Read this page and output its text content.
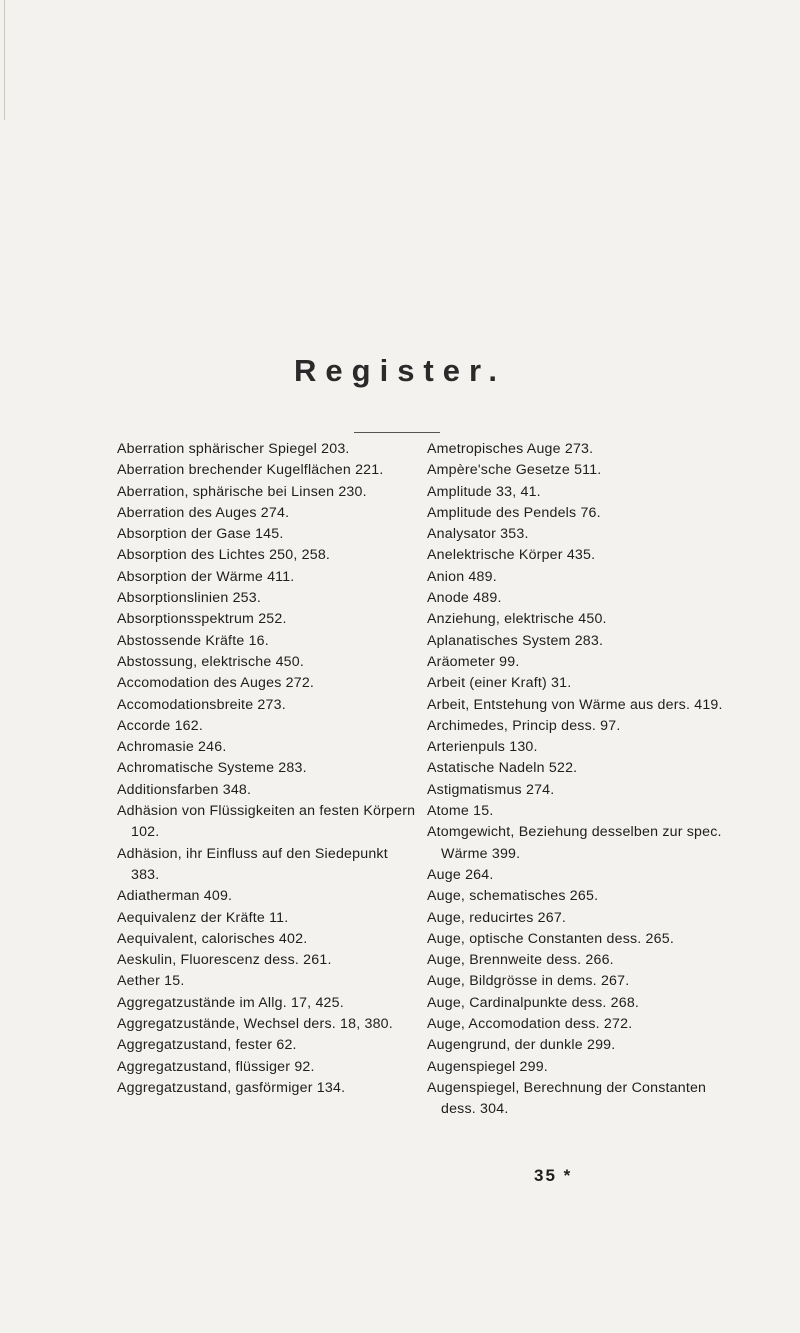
Register.

Aberration sphärischer Spiegel 203.

Aberration brechender Kugelflächen 221.

Aberration, sphärische bei Linsen 230.

Aberration des Auges 274.

Absorption der Gase 145.

Absorption des Lichtes 250, 258.

Absorption der Wärme 411.

Absorptionslinien 253.

Absorptionsspektrum 252.

Abstossende Kräfte 16.

Abstossung, elektrische 450.

Accomodation des Auges 272.

Accomodationsbreite 273.

Accorde 162.

Achromasie 246.

Achromatische Systeme 283.

Additionsfarben 348.

Adhäsion von Flüssigkeiten an festen Körpern 102.

Adhäsion, ihr Einfluss auf den Siedepunkt 383.

Adiatherman 409.

Aequivalenz der Kräfte 11.

Aequivalent, calorisches 402.

Aeskulin, Fluorescenz dess. 261.

Aether 15.

Aggregatzustände im Allg. 17, 425.

Aggregatzustände, Wechsel ders. 18, 380.

Aggregatzustand, fester 62.

Aggregatzustand, flüssiger 92.

Aggregatzustand, gasförmiger 134.

Ametropisches Auge 273.

Ampère'sche Gesetze 511.

Amplitude 33, 41.

Amplitude des Pendels 76.

Analysator 353.

Anelektrische Körper 435.

Anion 489.

Anode 489.

Anziehung, elektrische 450.

Aplanatisches System 283.

Aräometer 99.

Arbeit (einer Kraft) 31.

Arbeit, Entstehung von Wärme aus ders. 419.

Archimedes, Princip dess. 97.

Arterienpuls 130.

Astatische Nadeln 522.

Astigmatismus 274.

Atome 15.

Atomgewicht, Beziehung desselben zur spec. Wärme 399.

Auge 264.

Auge, schematisches 265.

Auge, reducirtes 267.

Auge, optische Constanten dess. 265.

Auge, Brennweite dess. 266.

Auge, Bildgrösse in dems. 267.

Auge, Cardinalpunkte dess. 268.

Auge, Accomodation dess. 272.

Augengrund, der dunkle 299.

Augenspiegel 299.

Augenspiegel, Berechnung der Constanten dess. 304.

35 *
